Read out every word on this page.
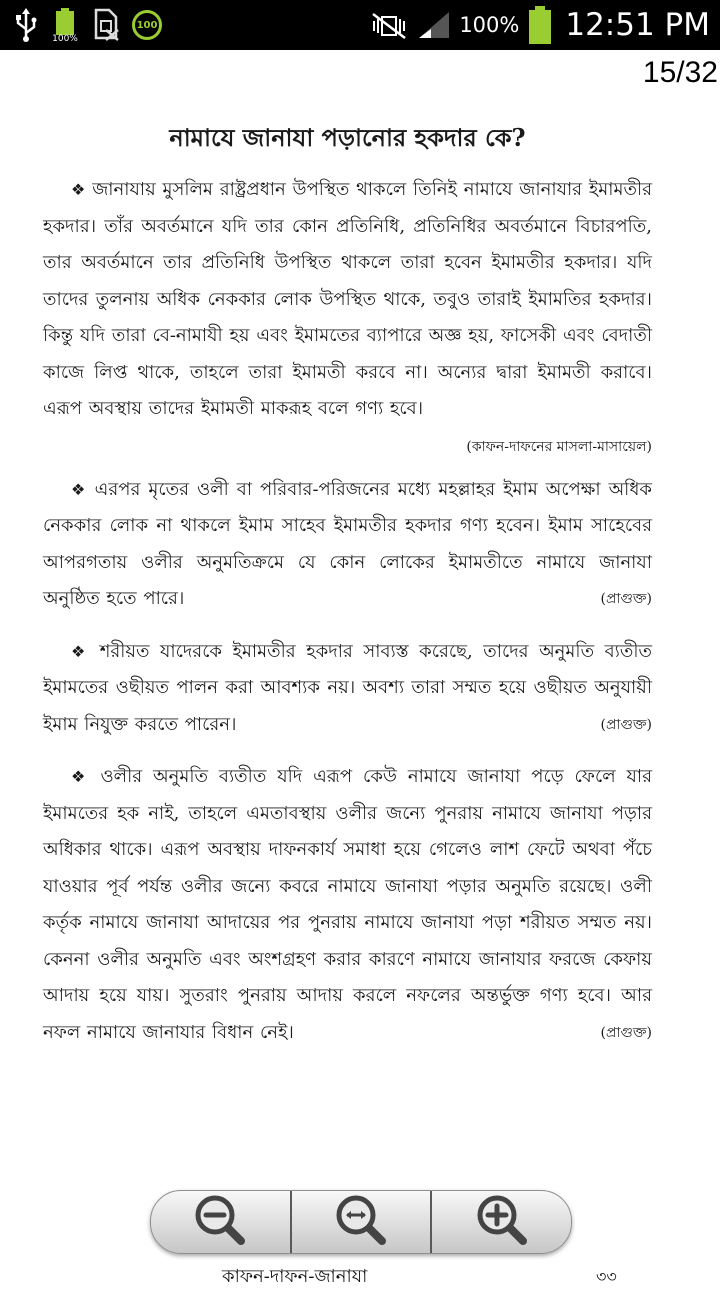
100%
100	100% 12:51 PM
15/32
নামাযে জানাযা পড়ানোর হকদার কে?

❖ জানাযায় মুসলিম রাষ্ট্রপ্রধান উপস্থিত থাকলে তিনিই নামাযে জানাযার ইমামতীর হকদার। তাঁর অবর্তমানে যদি তার কোন প্রতিনিধি, প্রতিনিধির অবর্তমানে বিচারপতি, তার অবর্তমানে তার প্রতিনিধি উপস্থিত থাকলে তারা হবেন ইমামতীর হকদার। যদি তাদের তুলনায় অধিক নেককার লোক উপস্থিত থাকে, তবুও তারাই ইমামতির হকদার। কিন্তু যদি তারা বে-নামাযী হয় এবং ইমামতের ব্যাপারে অজ্ঞ হয়, ফাসেকী এবং বেদাতী কাজে লিপ্ত থাকে, তাহলে তারা ইমামতী করবে না। অন্যের দ্বারা ইমামতী করাবে। এরূপ অবস্থায় তাদের ইমামতী মাকরূহ বলে গণ্য হবে।

(কাফন-দাফনের মাসলা-মাসায়েল)

❖ এরপর মৃতের ওলী বা পরিবার-পরিজনের মধ্যে মহল্লাহর ইমাম অপেক্ষা অধিক নেককার লোক না থাকলে ইমাম সাহেব ইমামতীর হকদার গণ্য হবেন। ইমাম সাহেবের আপরগতায় ওলীর অনুমতিক্রমে যে কোন লোকের ইমামতীতে নামাযে জানাযা অনুষ্ঠিত হতে পারে।	(প্রাগুক্ত)

❖ শরীয়ত যাদেরকে ইমামতীর হকদার সাব্যস্ত করেছে, তাদের অনুমতি ব্যতীত ইমামতের ওছীয়ত পালন করা আবশ্যক নয়। অবশ্য তারা সম্মত হয়ে ওছীয়ত অনুযায়ী ইমাম নিযুক্ত করতে পারেন।	(প্রাগুক্ত)

❖ ওলীর অনুমতি ব্যতীত যদি এরূপ কেউ নামাযে জানাযা পড়ে ফেলে যার ইমামতের হক নাই, তাহলে এমতাবস্থায় ওলীর জন্যে পুনরায় নামাযে জানাযা পড়ার অধিকার থাকে। এরূপ অবস্থায় দাফনকার্য সমাধা হয়ে গেলেও লাশ ফেটে অথবা পঁচে যাওয়ার পূর্ব পর্যন্ত ওলীর জন্যে কবরে নামাযে জানাযা পড়ার অনুমতি রয়েছে। ওলী কর্তৃক নামাযে জানাযা আদায়ের পর পুনরায় নামাযে জানাযা পড়া শরীয়ত সম্মত নয়। কেননা ওলীর অনুমতি এবং অংশগ্রহণ করার কারণে নামাযে জানাযার ফরজে কেফায় আদায় হয়ে যায়। সুতরাং পুনরায় আদায় করলে নফলের অন্তর্ভুক্ত গণ্য হবে। আর নফল নামাযে জানাযার বিধান নেই।	(প্রাগুক্ত)

কাফন-দাফন-জানাযা	৩৩
